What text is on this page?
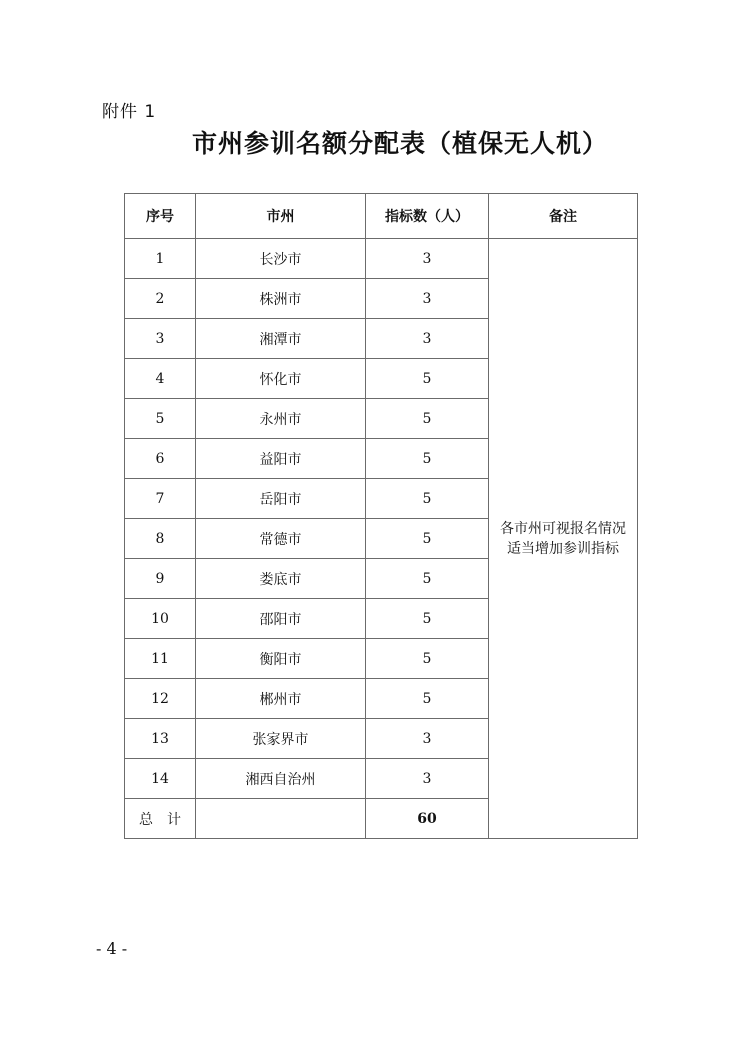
附件 1
市州参训名额分配表（植保无人机）
序号	市州	指标数（人）	备注
1	长沙市	3	各市州可视报名情况
适当增加参训指标

2	株洲市	3	
3	湘潭市	3	
4	怀化市	5	
5	永州市	5	
6	益阳市	5	
7	岳阳市	5	
8	常德市	5	
9	娄底市	5	
10	邵阳市	5	
11	衡阳市	5	
12	郴州市	5	
13	张家界市	3	
14	湘西自治州	3	
总　计		60	
- 4 -
